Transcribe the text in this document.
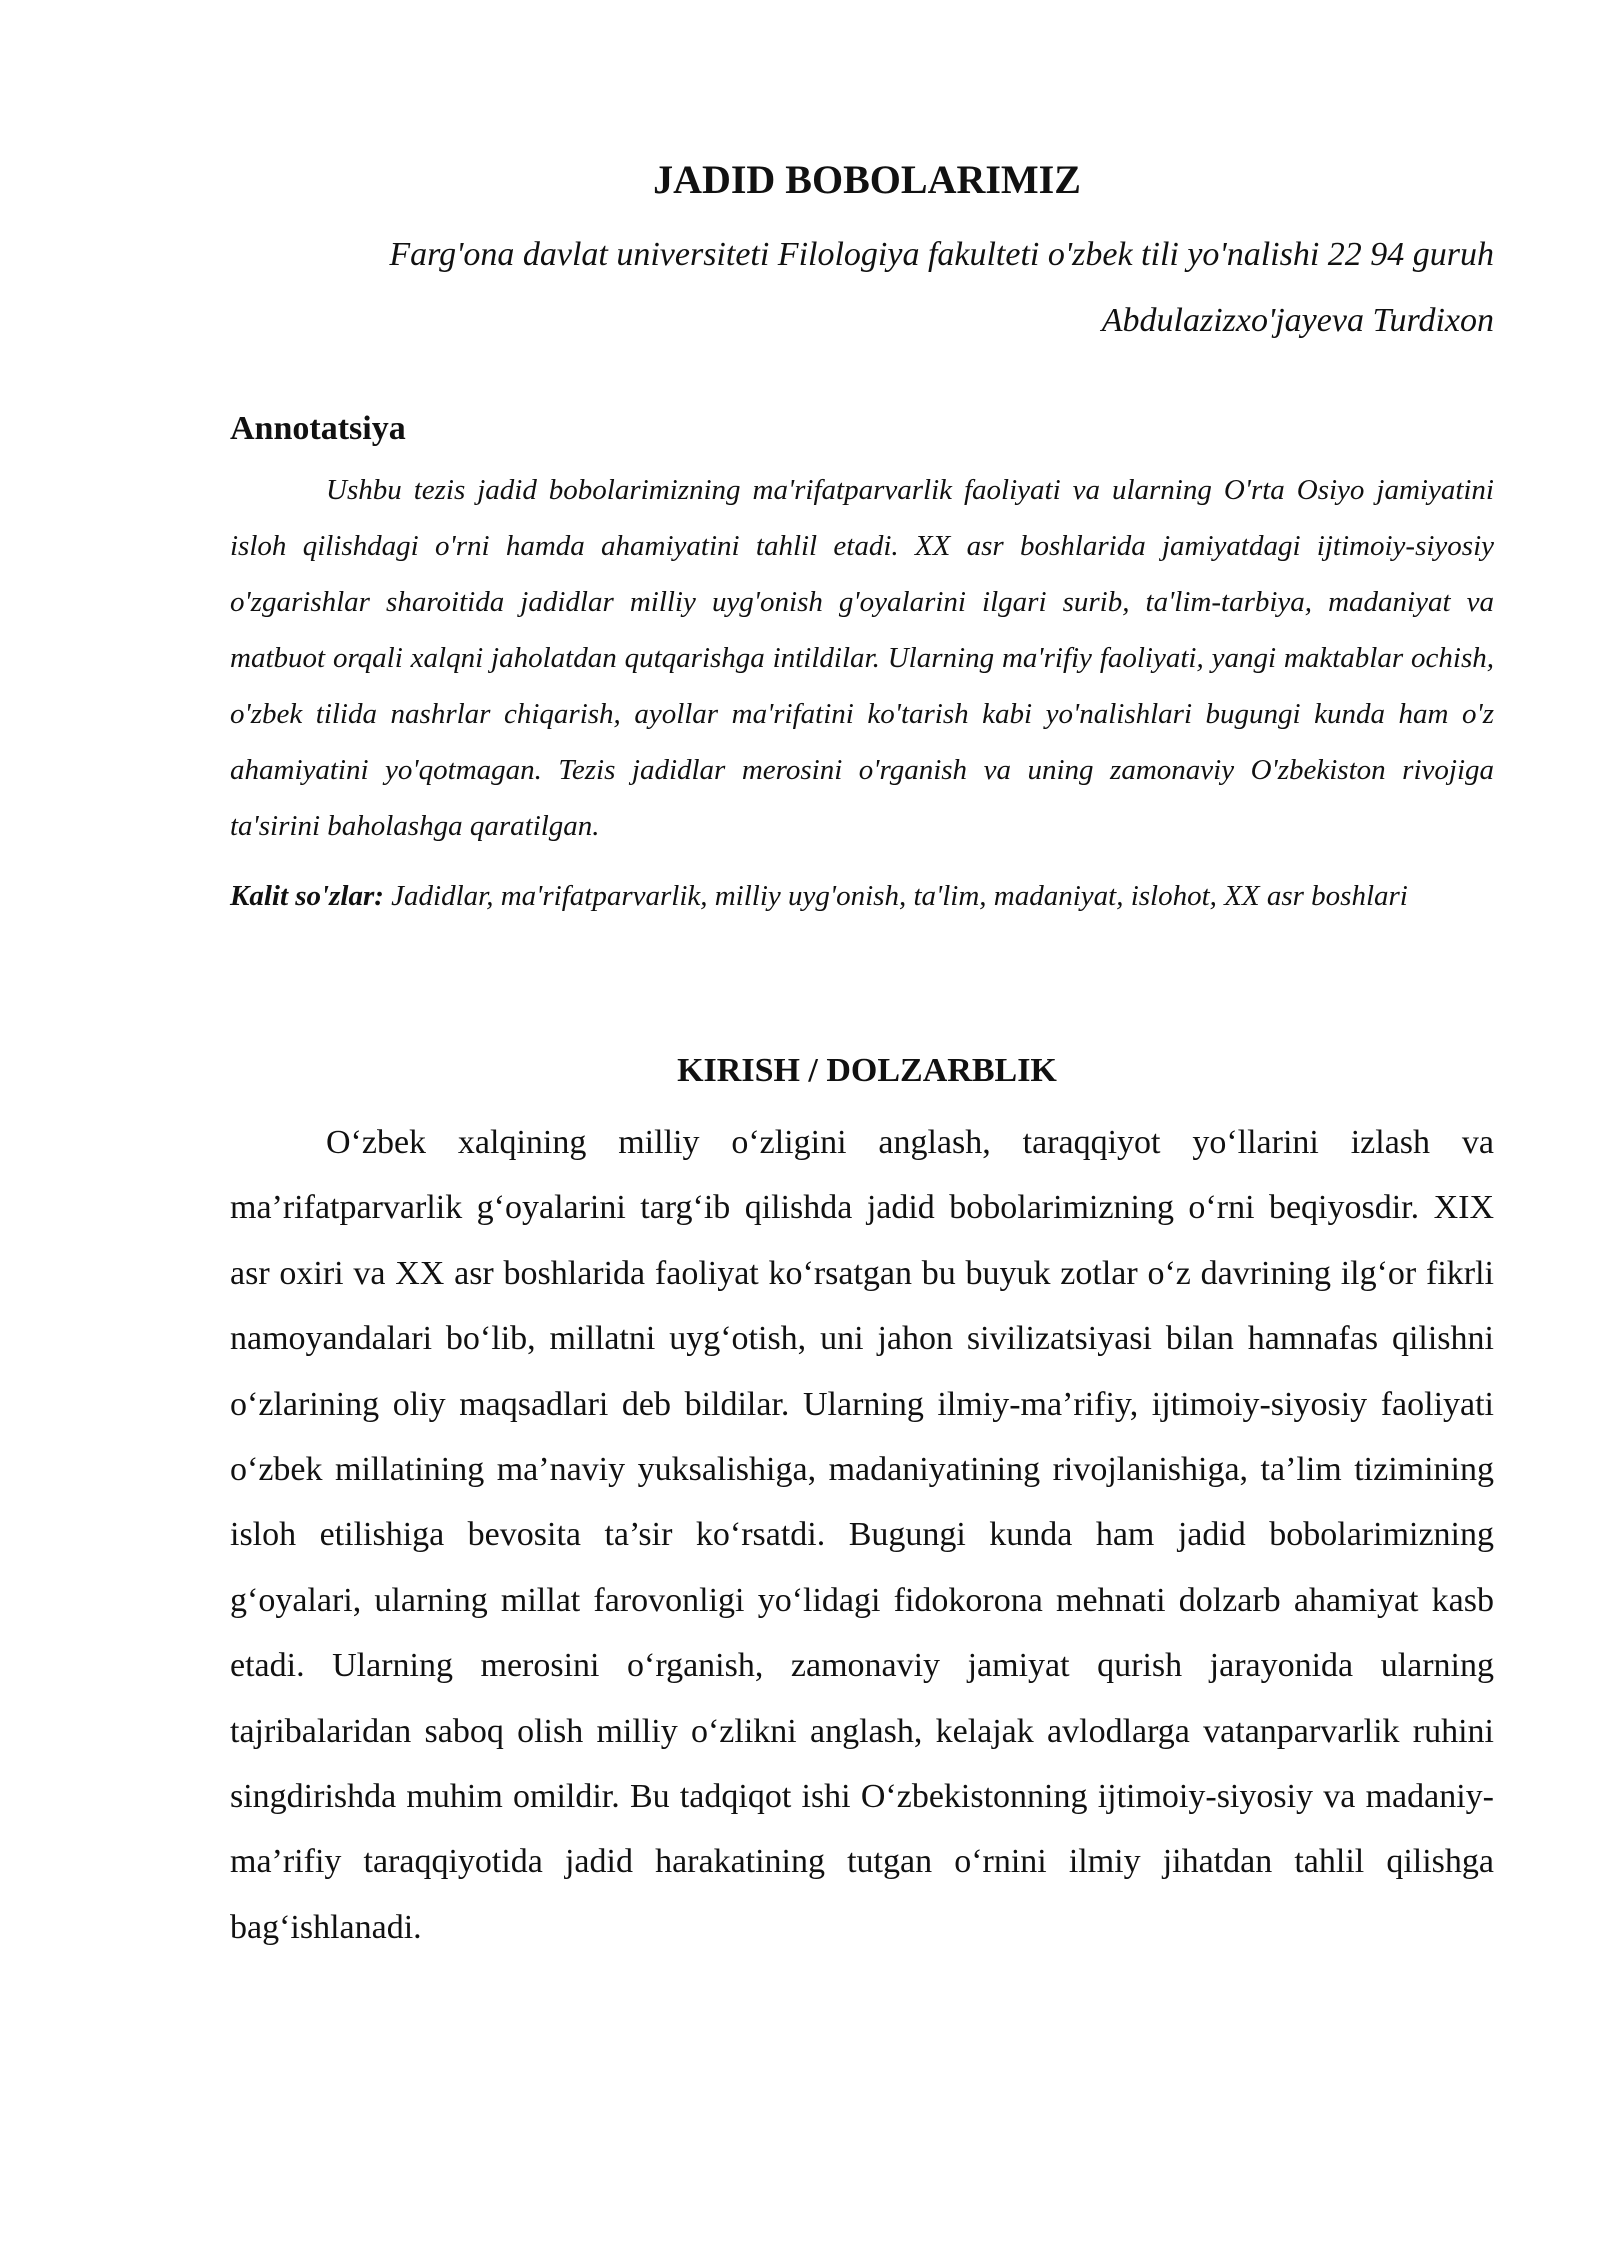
JADID BOBOLARIMIZ

Farg'ona davlat universiteti Filologiya fakulteti o'zbek tili yo'nalishi 22 94 guruh

Abdulazizxo'jayeva Turdixon

Annotatsiya

Ushbu tezis jadid bobolarimizning ma'rifatparvarlik faoliyati va ularning O'rta Osiyo jamiyatini isloh qilishdagi o'rni hamda ahamiyatini tahlil etadi. XX asr boshlarida jamiyatdagi ijtimoiy-siyosiy o'zgarishlar sharoitida jadidlar milliy uyg'onish g'oyalarini ilgari surib, ta'lim-tarbiya, madaniyat va matbuot orqali xalqni jaholatdan qutqarishga intildilar. Ularning ma'rifiy faoliyati, yangi maktablar ochish, o'zbek tilida nashrlar chiqarish, ayollar ma'rifatini ko'tarish kabi yo'nalishlari bugungi kunda ham o'z ahamiyatini yo'qotmagan. Tezis jadidlar merosini o'rganish va uning zamonaviy O'zbekiston rivojiga ta'sirini baholashga qaratilgan.

Kalit so'zlar: Jadidlar, ma'rifatparvarlik, milliy uyg'onish, ta'lim, madaniyat, islohot, XX asr boshlari

KIRISH / DOLZARBLIK

O‘zbek xalqining milliy o‘zligini anglash, taraqqiyot yo‘llarini izlash va ma’rifatparvarlik g‘oyalarini targ‘ib qilishda jadid bobolarimizning o‘rni beqiyosdir. XIX asr oxiri va XX asr boshlarida faoliyat ko‘rsatgan bu buyuk zotlar o‘z davrining ilg‘or fikrli namoyandalari bo‘lib, millatni uyg‘otish, uni jahon sivilizatsiyasi bilan hamnafas qilishni o‘zlarining oliy maqsadlari deb bildilar. Ularning ilmiy-ma’rifiy, ijtimoiy-siyosiy faoliyati o‘zbek millatining ma’naviy yuksalishiga, madaniyatining rivojlanishiga, ta’lim tizimining isloh etilishiga bevosita ta’sir ko‘rsatdi. Bugungi kunda ham jadid bobolarimizning g‘oyalari, ularning millat farovonligi yo‘lidagi fidokorona mehnati dolzarb ahamiyat kasb etadi. Ularning merosini o‘rganish, zamonaviy jamiyat qurish jarayonida ularning tajribalaridan saboq olish milliy o‘zlikni anglash, kelajak avlodlarga vatanparvarlik ruhini singdirishda muhim omildir. Bu tadqiqot ishi O‘zbekistonning ijtimoiy-siyosiy va madaniy-ma’rifiy taraqqiyotida jadid harakatining tutgan o‘rnini ilmiy jihatdan tahlil qilishga bag‘ishlanadi.
